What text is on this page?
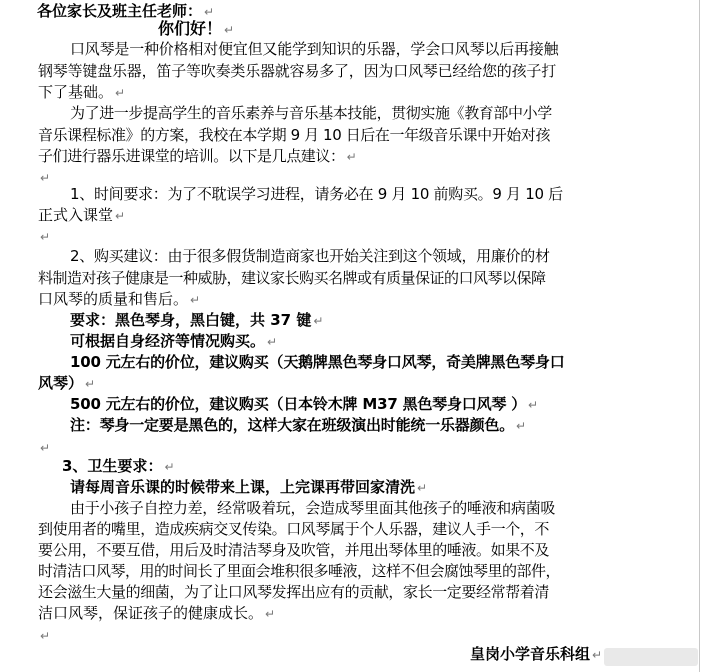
各位家长及班主任老师： ↵
你们好！ ↵
口风琴是一种价格相对便宜但又能学到知识的乐器，学会口风琴以后再接触
钢琴等键盘乐器，笛子等吹奏类乐器就容易多了，因为口风琴已经给您的孩子打
下了基础。 ↵
为了进一步提高学生的音乐素养与音乐基本技能，贯彻实施《教育部中小学
音乐课程标准》的方案，我校在本学期 9 月 10 日后在一年级音乐课中开始对孩
子们进行器乐进课堂的培训。以下是几点建议： ↵
↵
1、时间要求：为了不耽误学习进程，请务必在 9 月 10 前购买。9 月 10 后
正式入课堂 ↵
↵
2、购买建议：由于很多假货制造商家也开始关注到这个领域，用廉价的材
料制造对孩子健康是一种威胁，建议家长购买名牌或有质量保证的口风琴以保障
口风琴的质量和售后。 ↵
要求：黑色琴身，黑白键，共 37 键 ↵
可根据自身经济等情况购买。 ↵
100 元左右的价位，建议购买（天鹅牌黑色琴身口风琴，奇美牌黑色琴身口
风琴） ↵
500 元左右的价位，建议购买（日本铃木牌 M37 黑色琴身口风琴 ） ↵
注：琴身一定要是黑色的，这样大家在班级演出时能统一乐器颜色。 ↵
↵
3、卫生要求： ↵
请每周音乐课的时候带来上课，上完课再带回家清洗 ↵
由于小孩子自控力差，经常吸着玩，会造成琴里面其他孩子的唾液和病菌吸
到使用者的嘴里，造成疾病交叉传染。口风琴属于个人乐器，建议人手一个，不
要公用，不要互借，用后及时清洁琴身及吹管，并甩出琴体里的唾液。如果不及
时清洁口风琴，用的时间长了里面会堆积很多唾液，这样不但会腐蚀琴里的部件，
还会滋生大量的细菌，为了让口风琴发挥出应有的贡献，家长一定要经常帮着清
洁口风琴，保证孩子的健康成长。 ↵
↵
皇岗小学音乐科组 ↵
